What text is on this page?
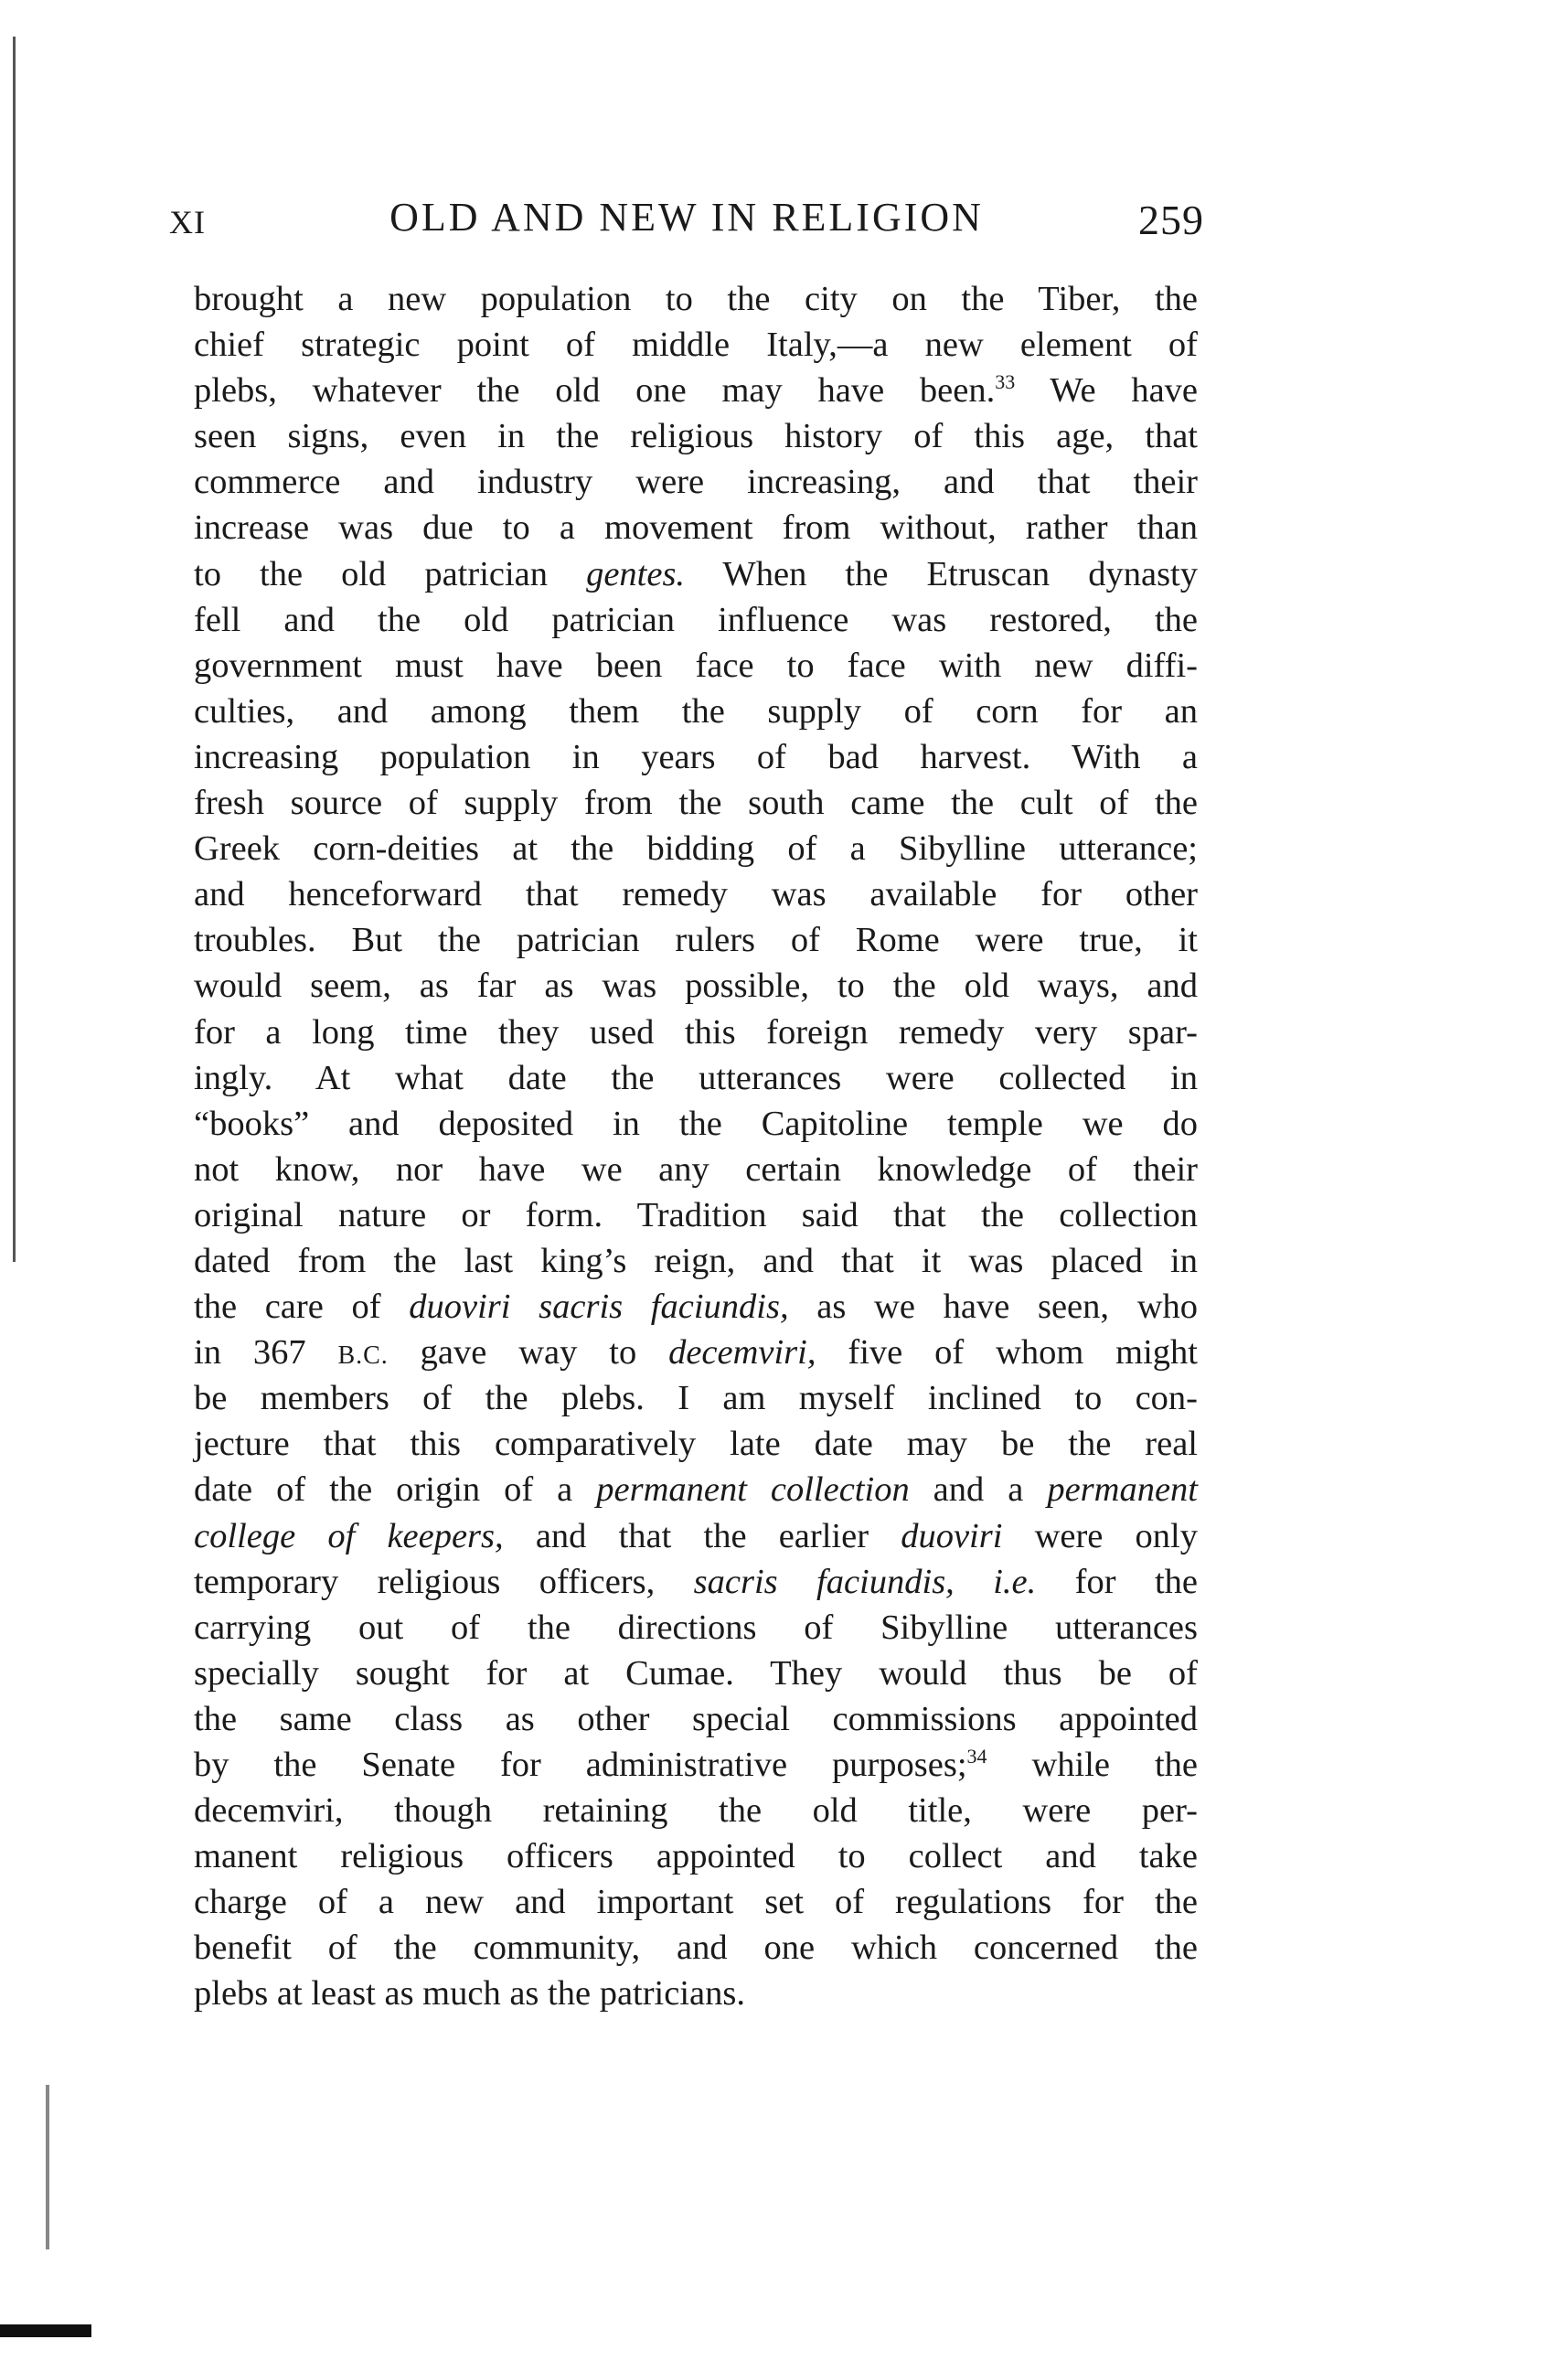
XI	OLD AND NEW IN RELIGION	259
brought a new population to the city on the Tiber, the
chief strategic point of middle Italy,—a new element of
plebs, whatever the old one may have been.$^{33}$ We have
seen signs, even in the religious history of this age, that
commerce and industry were increasing, and that their
increase was due to a movement from without, rather than
to the old patrician gentes. When the Etruscan dynasty
fell and the old patrician influence was restored, the
government must have been face to face with new diffi-
culties, and among them the supply of corn for an
increasing population in years of bad harvest. With a
fresh source of supply from the south came the cult of the
Greek corn-deities at the bidding of a Sibylline utterance;
and henceforward that remedy was available for other
troubles. But the patrician rulers of Rome were true, it
would seem, as far as was possible, to the old ways, and
for a long time they used this foreign remedy very spar-
ingly. At what date the utterances were collected in
“books” and deposited in the Capitoline temple we do
not know, nor have we any certain knowledge of their
original nature or form. Tradition said that the collection
dated from the last king’s reign, and that it was placed in
the care of duoviri sacris faciundis, as we have seen, who
in 367 B.C. gave way to decemviri, five of whom might
be members of the plebs. I am myself inclined to con-
jecture that this comparatively late date may be the real
date of the origin of a permanent collection and a permanent
college of keepers, and that the earlier duoviri were only
temporary religious officers, sacris faciundis, i.e. for the
carrying out of the directions of Sibylline utterances
specially sought for at Cumae. They would thus be of
the same class as other special commissions appointed
by the Senate for administrative purposes;$^{34}$ while the
decemviri, though retaining the old title, were per-
manent religious officers appointed to collect and take
charge of a new and important set of regulations for the
benefit of the community, and one which concerned the
plebs at least as much as the patricians.
